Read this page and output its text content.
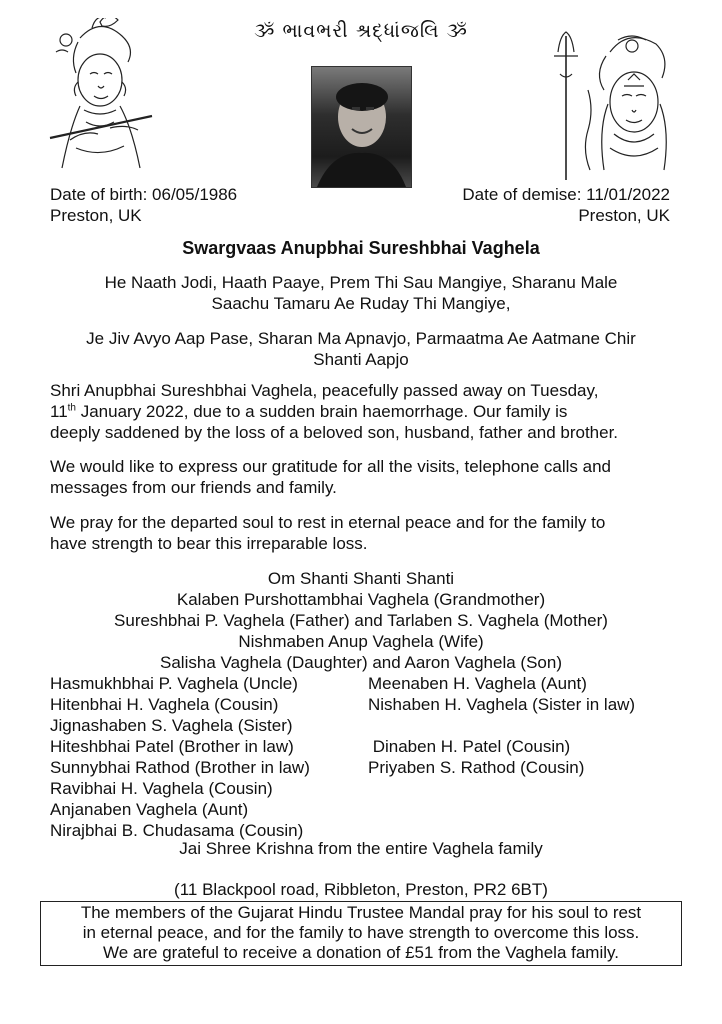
ૐ ભાવભરી શ્રદ્ધાંજલિ ૐ
Date of birth: 06/05/1986
Preston, UK
Date of demise: 11/01/2022
Preston, UK
Swargvaas Anupbhai Sureshbhai Vaghela
He Naath Jodi, Haath Paaye, Prem Thi Sau Mangiye, Sharanu Male
Saachu Tamaru Ae Ruday Thi Mangiye,
Je Jiv Avyo Aap Pase, Sharan Ma Apnavjo, Parmaatma Ae Aatmane Chir
Shanti Aapjo
Shri Anupbhai Sureshbhai Vaghela, peacefully passed away on Tuesday,
11th January 2022, due to a sudden brain haemorrhage. Our family is
deeply saddened by the loss of a beloved son, husband, father and brother.
We would like to express our gratitude for all the visits, telephone calls and
messages from our friends and family.
We pray for the departed soul to rest in eternal peace and for the family to
have strength to bear this irreparable loss.
Om Shanti Shanti Shanti
Kalaben Purshottambhai Vaghela (Grandmother)
Sureshbhai P. Vaghela (Father) and Tarlaben S. Vaghela (Mother)
Nishmaben Anup Vaghela (Wife)
Salisha Vaghela (Daughter) and Aaron Vaghela (Son)
Hasmukhbhai P. Vaghela (Uncle)	Meenaben H. Vaghela (Aunt)
Hitenbhai H. Vaghela (Cousin)	Nishaben H. Vaghela (Sister in law)
Jignashaben S. Vaghela (Sister)
Hiteshbhai Patel (Brother in law)	Dinaben H. Patel (Cousin)
Sunnybhai Rathod (Brother in law)	Priyaben S. Rathod (Cousin)
Ravibhai H. Vaghela (Cousin)
Anjanaben Vaghela (Aunt)
Nirajbhai B. Chudasama (Cousin)
Jai Shree Krishna from the entire Vaghela family
(11 Blackpool road, Ribbleton, Preston, PR2 6BT)
The members of the Gujarat Hindu Trustee Mandal pray for his soul to rest
in eternal peace, and for the family to have strength to overcome this loss.
We are grateful to receive a donation of £51 from the Vaghela family.
